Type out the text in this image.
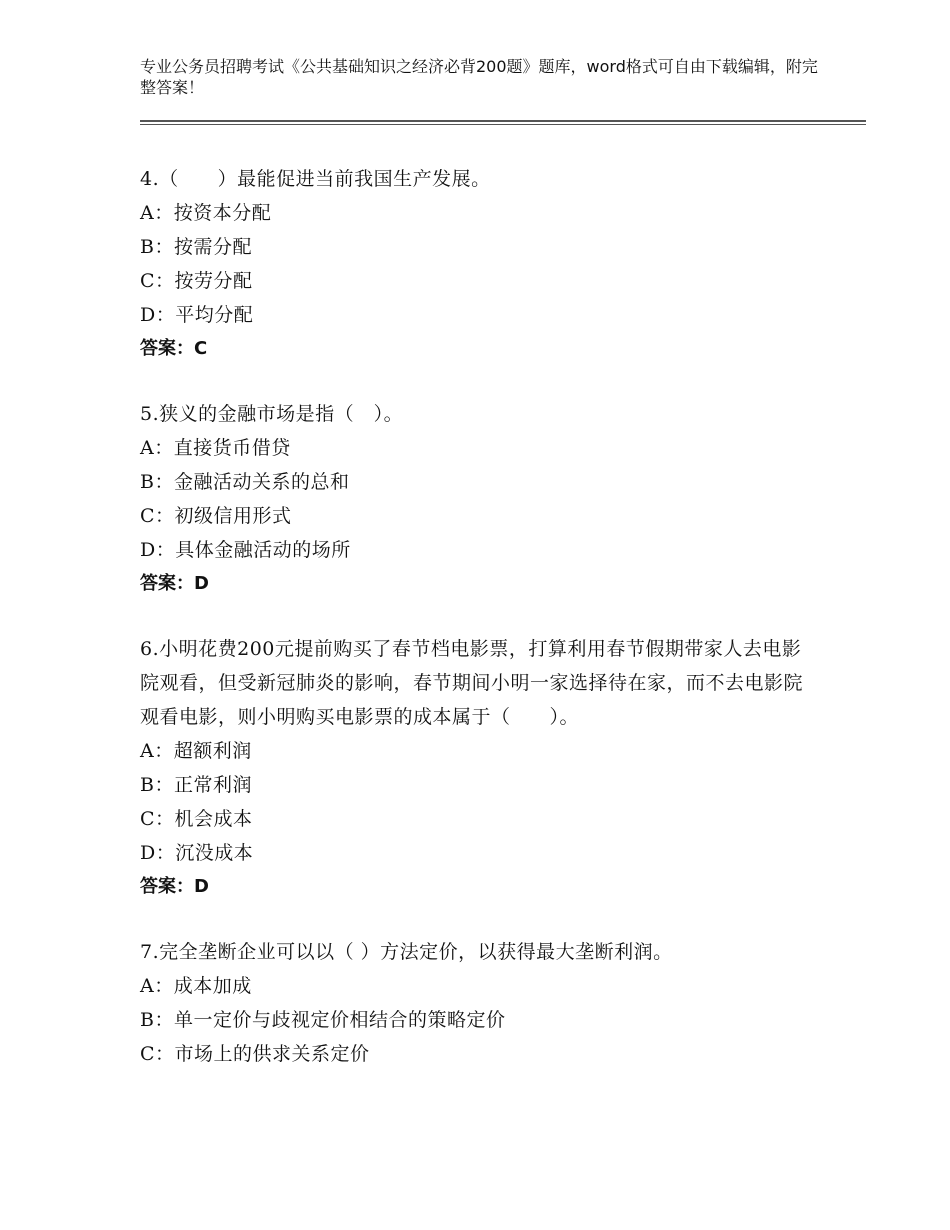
专业公务员招聘考试《公共基础知识之经济必背200题》题库，word格式可自由下载编辑，附完整答案！

4.（　　）最能促进当前我国生产发展。

A：按资本分配

B：按需分配

C：按劳分配

D：平均分配

答案：C

5.狭义的金融市场是指（　）。

A：直接货币借贷

B：金融活动关系的总和

C：初级信用形式

D：具体金融活动的场所

答案：D

6.小明花费200元提前购买了春节档电影票，打算利用春节假期带家人去电影院观看，但受新冠肺炎的影响，春节期间小明一家选择待在家，而不去电影院观看电影，则小明购买电影票的成本属于（　　）。

A：超额利润

B：正常利润

C：机会成本

D：沉没成本

答案：D

7.完全垄断企业可以以（ ）方法定价，以获得最大垄断利润。

A：成本加成

B：单一定价与歧视定价相结合的策略定价

C：市场上的供求关系定价
